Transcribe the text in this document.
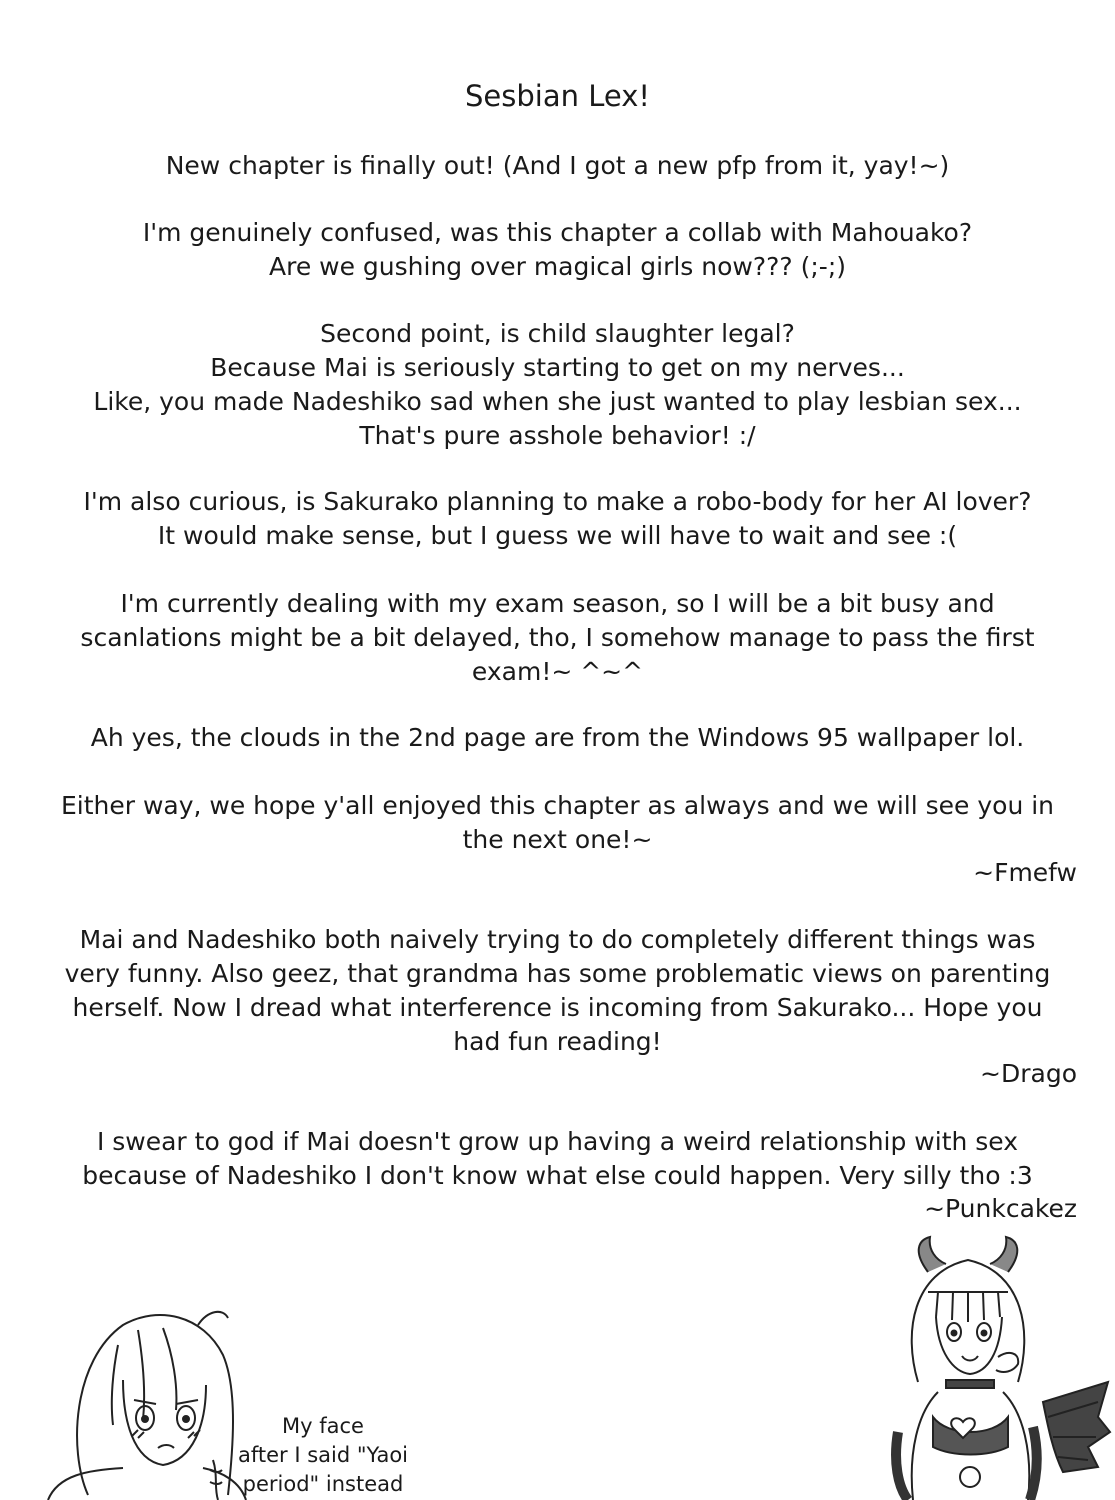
Sesbian Lex!
New chapter is finally out! (And I got a new pfp from it, yay!~)
I'm genuinely confused, was this chapter a collab with Mahouako?
Are we gushing over magical girls now??? (;-;)
Second point, is child slaughter legal?
Because Mai is seriously starting to get on my nerves...
Like, you made Nadeshiko sad when she just wanted to play lesbian sex...
That's pure asshole behavior! :/
I'm also curious, is Sakurako planning to make a robo-body for her AI lover?
It would make sense, but I guess we will have to wait and see :(
I'm currently dealing with my exam season, so I will be a bit busy and
scanlations might be a bit delayed, tho, I somehow manage to pass the first
exam!~ ^~^
Ah yes, the clouds in the 2nd page are from the Windows 95 wallpaper lol.
Either way, we hope y'all enjoyed this chapter as always and we will see you in
the next one!~
~Fmefw
Mai and Nadeshiko both naively trying to do completely different things was
very funny. Also geez, that grandma has some problematic views on parenting
herself. Now I dread what interference is incoming from Sakurako... Hope you
had fun reading!
~Drago
I swear to god if Mai doesn't grow up having a weird relationship with sex
because of Nadeshiko I don't know what else could happen. Very silly tho :3
~Punkcakez
My face
after I said "Yaoi
period" instead
